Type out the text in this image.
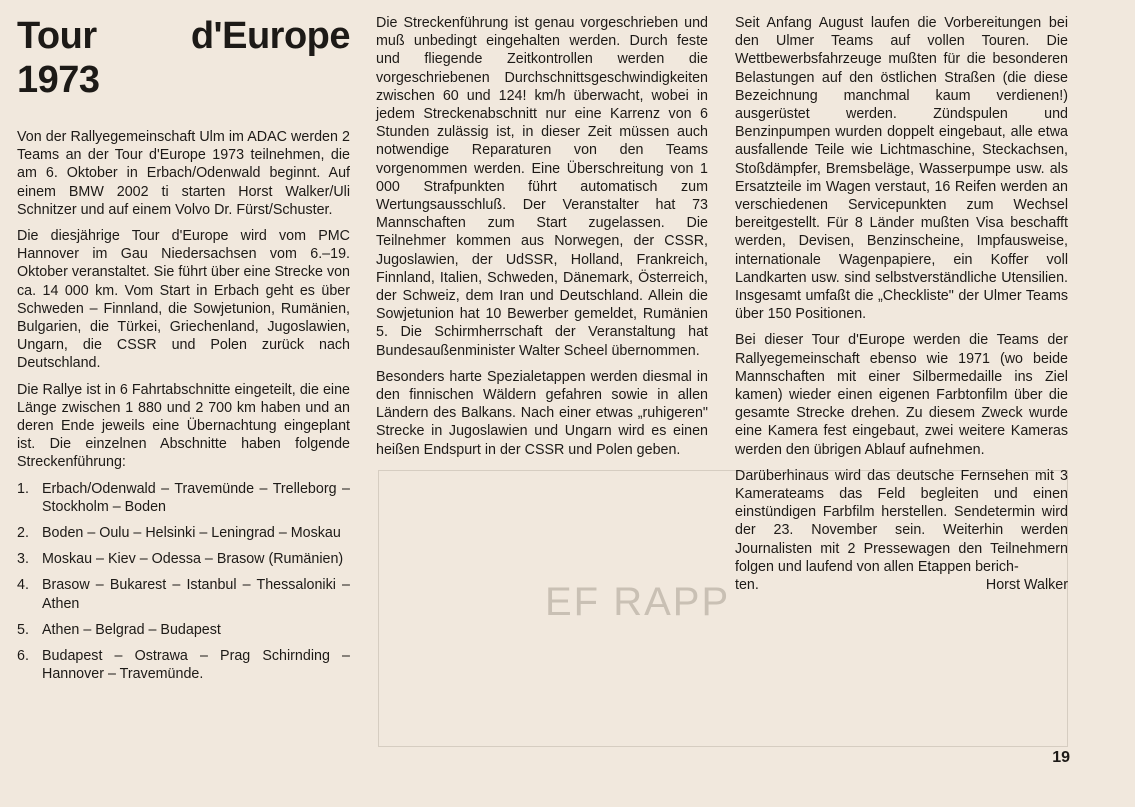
EF RAPP
Tour d'Europe 1973

Von der Rallyegemeinschaft Ulm im ADAC werden 2 Teams an der Tour d'Europe 1973 teilnehmen, die am 6. Oktober in Erbach/Odenwald beginnt. Auf einem BMW 2002 ti starten Horst Walker/Uli Schnitzer und auf einem Volvo Dr. Fürst/Schuster.

Die diesjährige Tour d'Europe wird vom PMC Hannover im Gau Niedersachsen vom 6.–19. Oktober veranstaltet. Sie führt über eine Strecke von ca. 14 000 km. Vom Start in Erbach geht es über Schweden – Finnland, die Sowjetunion, Rumänien, Bulgarien, die Türkei, Griechenland, Jugoslawien, Ungarn, die CSSR und Polen zurück nach Deutschland.

Die Rallye ist in 6 Fahrtabschnitte eingeteilt, die eine Länge zwischen 1 880 und 2 700 km haben und an deren Ende jeweils eine Übernachtung eingeplant ist. Die einzelnen Abschnitte haben folgende Streckenführung:

1. Erbach/Odenwald – Travemünde – Trelleborg – Stockholm – Boden
2. Boden – Oulu – Helsinki – Leningrad – Moskau
3. Moskau – Kiev – Odessa – Brasow (Rumänien)
4. Brasow – Bukarest – Istanbul – Thessaloniki – Athen
5. Athen – Belgrad – Budapest
6. Budapest – Ostrawa – Prag Schirnding – Hannover – Travemünde.

Die Streckenführung ist genau vorgeschrieben und muß unbedingt eingehalten werden. Durch feste und fliegende Zeitkontrollen werden die vorgeschriebenen Durchschnittsgeschwindigkeiten zwischen 60 und 124! km/h überwacht, wobei in jedem Streckenabschnitt nur eine Karrenz von 6 Stunden zulässig ist, in dieser Zeit müssen auch notwendige Reparaturen von den Teams vorgenommen werden. Eine Überschreitung von 1 000 Strafpunkten führt automatisch zum Wertungsausschluß. Der Veranstalter hat 73 Mannschaften zum Start zugelassen. Die Teilnehmer kommen aus Norwegen, der CSSR, Jugoslawien, der UdSSR, Holland, Frankreich, Finnland, Italien, Schweden, Dänemark, Österreich, der Schweiz, dem Iran und Deutschland. Allein die Sowjetunion hat 10 Bewerber gemeldet, Rumänien 5. Die Schirmherrschaft der Veranstaltung hat Bundesaußenminister Walter Scheel übernommen.

Besonders harte Spezialetappen werden diesmal in den finnischen Wäldern gefahren sowie in allen Ländern des Balkans. Nach einer etwas „ruhigeren" Strecke in Jugoslawien und Ungarn wird es einen heißen Endspurt in der CSSR und Polen geben.

Seit Anfang August laufen die Vorbereitungen bei den Ulmer Teams auf vollen Touren. Die Wettbewerbsfahrzeuge mußten für die besonderen Belastungen auf den östlichen Straßen (die diese Bezeichnung manchmal kaum verdienen!) ausgerüstet werden. Zündspulen und Benzinpumpen wurden doppelt eingebaut, alle etwa ausfallende Teile wie Lichtmaschine, Steckachsen, Stoßdämpfer, Bremsbeläge, Wasserpumpe usw. als Ersatzteile im Wagen verstaut, 16 Reifen werden an verschiedenen Servicepunkten zum Wechsel bereitgestellt. Für 8 Länder mußten Visa beschafft werden, Devisen, Benzinscheine, Impfausweise, internationale Wagenpapiere, ein Koffer voll Landkarten usw. sind selbstverständliche Utensilien. Insgesamt umfaßt die „Checkliste" der Ulmer Teams über 150 Positionen.

Bei dieser Tour d'Europe werden die Teams der Rallyegemeinschaft ebenso wie 1971 (wo beide Mannschaften mit einer Silbermedaille ins Ziel kamen) wieder einen eigenen Farbtonfilm über die gesamte Strecke drehen. Zu diesem Zweck wurde eine Kamera fest eingebaut, zwei weitere Kameras werden den übrigen Ablauf aufnehmen.

Darüberhinaus wird das deutsche Fernsehen mit 3 Kamerateams das Feld begleiten und einen einstündigen Farbfilm herstellen. Sendetermin wird der 23. November sein. Weiterhin werden Journalisten mit 2 Pressewagen den Teilnehmern folgen und laufend von allen Etappen berich-

ten.	Horst Walker
19
